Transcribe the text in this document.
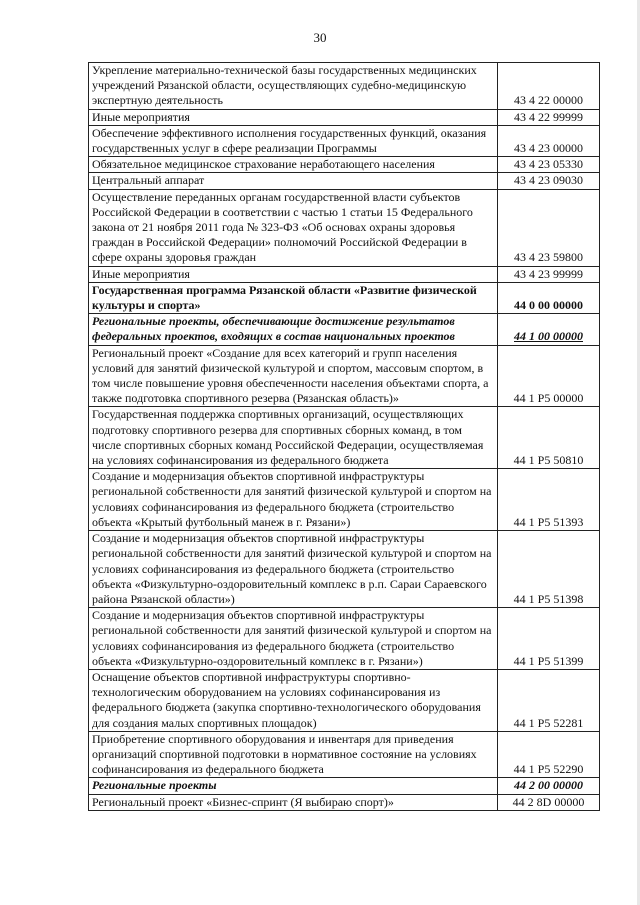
30
Укрепление материально-технической базы государственных медицинских учреждений Рязанской области, осуществляющих судебно-медицинскую экспертную деятельность	43 4 22 00000
Иные мероприятия	43 4 22 99999
Обеспечение эффективного исполнения государственных функций, оказания государственных услуг в сфере реализации Программы	43 4 23 00000
Обязательное медицинское страхование неработающего населения	43 4 23 05330
Центральный аппарат	43 4 23 09030
Осуществление переданных органам государственной власти субъектов Российской Федерации в соответствии с частью 1 статьи 15 Федерального закона от 21 ноября 2011 года № 323-ФЗ «Об основах охраны здоровья граждан в Российской Федерации» полномочий Российской Федерации в сфере охраны здоровья граждан	43 4 23 59800
Иные мероприятия	43 4 23 99999
Государственная программа Рязанской области «Развитие физической культуры и спорта»	44 0 00 00000
Региональные проекты, обеспечивающие достижение результатов федеральных проектов, входящих в состав национальных проектов	44 1 00 00000
Региональный проект «Создание для всех категорий и групп населения условий для занятий физической культурой и спортом, массовым спортом, в том числе повышение уровня обеспеченности населения объектами спорта, а также подготовка спортивного резерва (Рязанская область)»	44 1 P5 00000
Государственная поддержка спортивных организаций, осуществляющих подготовку спортивного резерва для спортивных сборных команд, в том числе спортивных сборных команд Российской Федерации, осуществляемая на условиях софинансирования из федерального бюджета	44 1 P5 50810
Создание и модернизация объектов спортивной инфраструктуры региональной собственности для занятий физической культурой и спортом на условиях софинансирования из федерального бюджета (строительство объекта «Крытый футбольный манеж в г. Рязани»)	44 1 P5 51393
Создание и модернизация объектов спортивной инфраструктуры региональной собственности для занятий физической культурой и спортом на условиях софинансирования из федерального бюджета (строительство объекта «Физкультурно-оздоровительный комплекс в р.п. Сараи Сараевского района Рязанской области»)	44 1 P5 51398
Создание и модернизация объектов спортивной инфраструктуры региональной собственности для занятий физической культурой и спортом на условиях софинансирования из федерального бюджета (строительство объекта «Физкультурно-оздоровительный комплекс в г. Рязани»)	44 1 P5 51399
Оснащение объектов спортивной инфраструктуры спортивно-технологическим оборудованием на условиях софинансирования из федерального бюджета (закупка спортивно-технологического оборудования для создания малых спортивных площадок)	44 1 P5 52281
Приобретение спортивного оборудования и инвентаря для приведения организаций спортивной подготовки в нормативное состояние на условиях софинансирования из федерального бюджета	44 1 P5 52290
Региональные проекты	44 2 00 00000
Региональный проект «Бизнес-спринт (Я выбираю спорт)»	44 2 8D 00000
